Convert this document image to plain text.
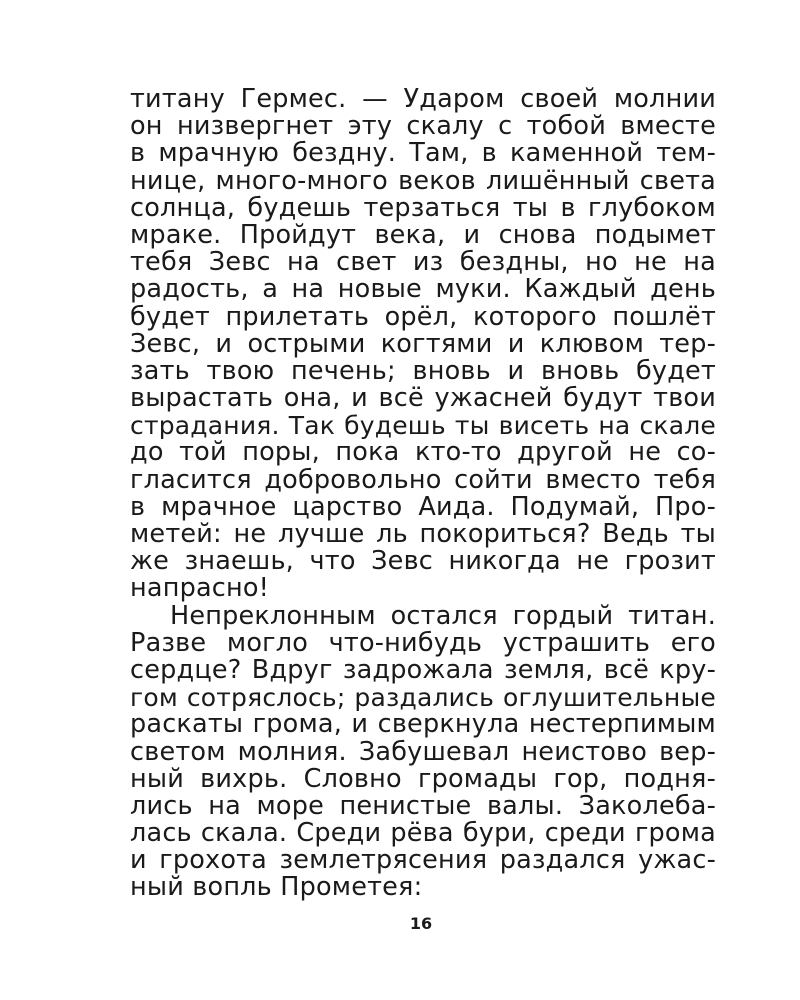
титану Гермес. — Ударом своей молнии
он низвергнет эту скалу с тобой вместе
в мрачную бездну. Там, в каменной тем-
нице, много-много веков лишённый света
солнца, будешь терзаться ты в глубоком
мраке. Пройдут века, и снова подымет
тебя Зевс на свет из бездны, но не на
радость, а на новые муки. Каждый день
будет прилетать орёл, которого пошлёт
Зевс, и острыми когтями и клювом тер-
зать твою печень; вновь и вновь будет
вырастать она, и всё ужасней будут твои
страдания. Так будешь ты висеть на скале
до той поры, пока кто-то другой не со-
гласится добровольно сойти вместо тебя
в мрачное царство Аида. Подумай, Про-
метей: не лучше ль покориться? Ведь ты
же знаешь, что Зевс никогда не грозит
напрасно!
Непреклонным остался гордый титан.
Разве могло что-нибудь устрашить его
сердце? Вдруг задрожала земля, всё кру-
гом сотряслось; раздались оглушительные
раскаты грома, и сверкнула нестерпимым
светом молния. Забушевал неистово вер-
ный вихрь. Словно громады гор, подня-
лись на море пенистые валы. Заколеба-
лась скала. Среди рёва бури, среди грома
и грохота землетрясения раздался ужас-
ный вопль Прометея:
16
